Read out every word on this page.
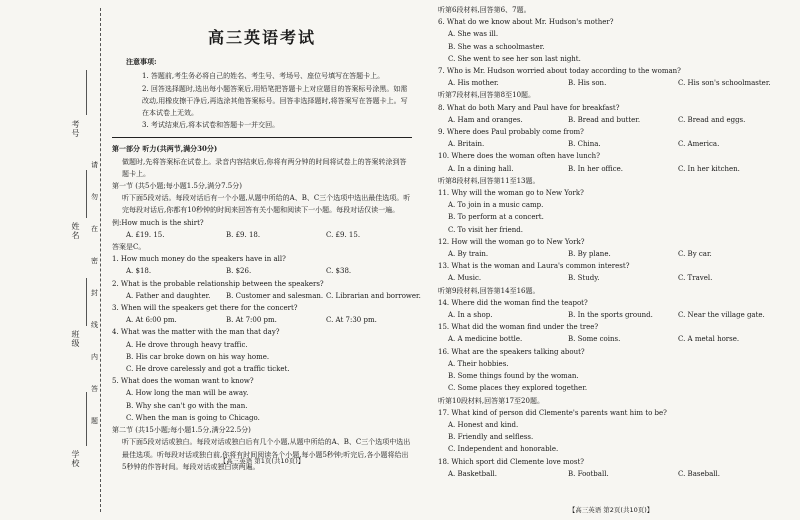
考号
姓名
班级
学校
请
勿
在
密
封
线
内
答
题
高三英语考试
注意事项:
1. 答题前,考生务必将自己的姓名、考生号、考场号、座位号填写在答题卡上。
2. 回答选择题时,选出每小题答案后,用铅笔把答题卡上对应题目的答案标号涂黑。如需改动,用橡皮擦干净后,再选涂其他答案标号。回答非选择题时,将答案写在答题卡上。写在本试卷上无效。
3. 考试结束后,将本试卷和答题卡一并交回。
第一部分 听力(共两节,满分30分)
做题时,先将答案标在试卷上。录音内容结束后,你将有两分钟的时间将试卷上的答案转涂到答题卡上。
第一节 (共5小题;每小题1.5分,满分7.5分)
听下面5段对话。每段对话后有一个小题,从题中所给的A、B、C三个选项中选出最佳选项。听完每段对话后,你都有10秒钟的时间来回答有关小题和阅读下一小题。每段对话仅读一遍。
例:How much is the shirt?
A. £19. 15.	B. £9. 18.	C. £9. 15.
答案是C。
1. How much money do the speakers have in all?
A. $18.	B. $26.	C. $38.
2. What is the probable relationship between the speakers?
A. Father and daughter.	B. Customer and salesman. C. Librarian and borrower.
3. When will the speakers get there for the concert?
A. At 6:00 pm.	B. At 7:00 pm.	C. At 7:30 pm.
4. What was the matter with the man that day?
A. He drove through heavy traffic.
B. His car broke down on his way home.
C. He drove carelessly and got a traffic ticket.
5. What does the woman want to know?
A. How long the man will be away.
B. Why she can't go with the man.
C. When the man is going to Chicago.
第二节 (共15小题;每小题1.5分,满分22.5分)
听下面5段对话或独白。每段对话或独白后有几个小题,从题中所给的A、B、C三个选项中选出最佳选项。听每段对话或独白前,你将有时间阅读各个小题,每小题5秒钟;听完后,各小题将给出5秒钟的作答时间。每段对话或独白读两遍。
【高三英语 第1页(共10页)】
听第6段材料,回答第6、7题。
6. What do we know about Mr. Hudson's mother?
A. She was ill.
B. She was a schoolmaster.
C. She went to see her son last night.
7. Who is Mr. Hudson worried about today according to the woman?
A. His mother.	B. His son.	C. His son's schoolmaster.
听第7段材料,回答第8至10题。
8. What do both Mary and Paul have for breakfast?
A. Ham and oranges.	B. Bread and butter.	C. Bread and eggs.
9. Where does Paul probably come from?
A. Britain.	B. China.	C. America.
10. Where does the woman often have lunch?
A. In a dining hall.	B. In her office.	C. In her kitchen.
听第8段材料,回答第11至13题。
11. Why will the woman go to New York?
A. To join in a music camp.
B. To perform at a concert.
C. To visit her friend.
12. How will the woman go to New York?
A. By train.	B. By plane.	C. By car.
13. What is the woman and Laura's common interest?
A. Music.	B. Study.	C. Travel.
听第9段材料,回答第14至16题。
14. Where did the woman find the teapot?
A. In a shop.	B. In the sports ground.	C. Near the village gate.
15. What did the woman find under the tree?
A. A medicine bottle.	B. Some coins.	C. A metal horse.
16. What are the speakers talking about?
A. Their hobbies.
B. Some things found by the woman.
C. Some places they explored together.
听第10段材料,回答第17至20题。
17. What kind of person did Clemente's parents want him to be?
A. Honest and kind.
B. Friendly and selfless.
C. Independent and honorable.
18. Which sport did Clemente love most?
A. Basketball.	B. Football.	C. Baseball.
【高三英语 第2页(共10页)】
